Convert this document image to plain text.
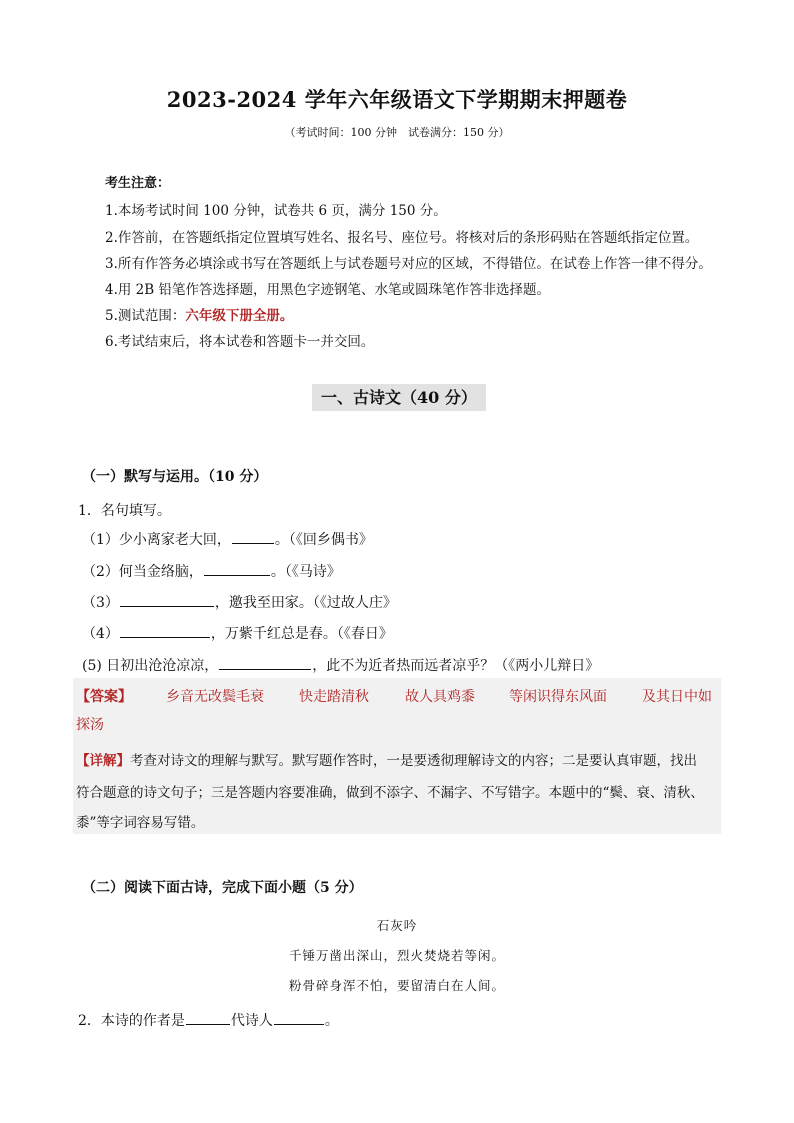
2023-2024 学年六年级语文下学期期末押题卷
（考试时间：100 分钟　试卷满分：150 分）
考生注意：
1.本场考试时间 100 分钟，试卷共 6 页，满分 150 分。
2.作答前，在答题纸指定位置填写姓名、报名号、座位号。将核对后的条形码贴在答题纸指定位置。
3.所有作答务必填涂或书写在答题纸上与试卷题号对应的区域，不得错位。在试卷上作答一律不得分。
4.用 2B 铅笔作答选择题，用黑色字迹钢笔、水笔或圆珠笔作答非选择题。
5.测试范围：六年级下册全册。
6.考试结束后，将本试卷和答题卡一并交回。
一、古诗文（40 分）
（一）默写与运用。（10 分）
1．名句填写。
（1）少小离家老大回，	。（《回乡偶书》
（2）何当金络脑，	。（《马诗》
（3）	，邀我至田家。（《过故人庄》
（4）	，万紫千红总是春。（《春日》
(5) 日初出沧沧凉凉，	，此不为近者热而远者凉乎？（《两小儿辩日》
【答案】 乡音无改鬓毛衰	快走踏清秋	故人具鸡黍 等闲识得东风面	及其日中如
探汤
【详解】考查对诗文的理解与默写。默写题作答时，一是要透彻理解诗文的内容；二是要认真审题，找出
符合题意的诗文句子；三是答题内容要准确，做到不添字、不漏字、不写错字。本题中的“鬓、衰、清秋、
黍”等字词容易写错。
（二）阅读下面古诗，完成下面小题（5 分）
石灰吟
千锤万凿出深山，烈火焚烧若等闲。
粉骨碎身浑不怕，要留清白在人间。
2．本诗的作者是	代诗人	。
